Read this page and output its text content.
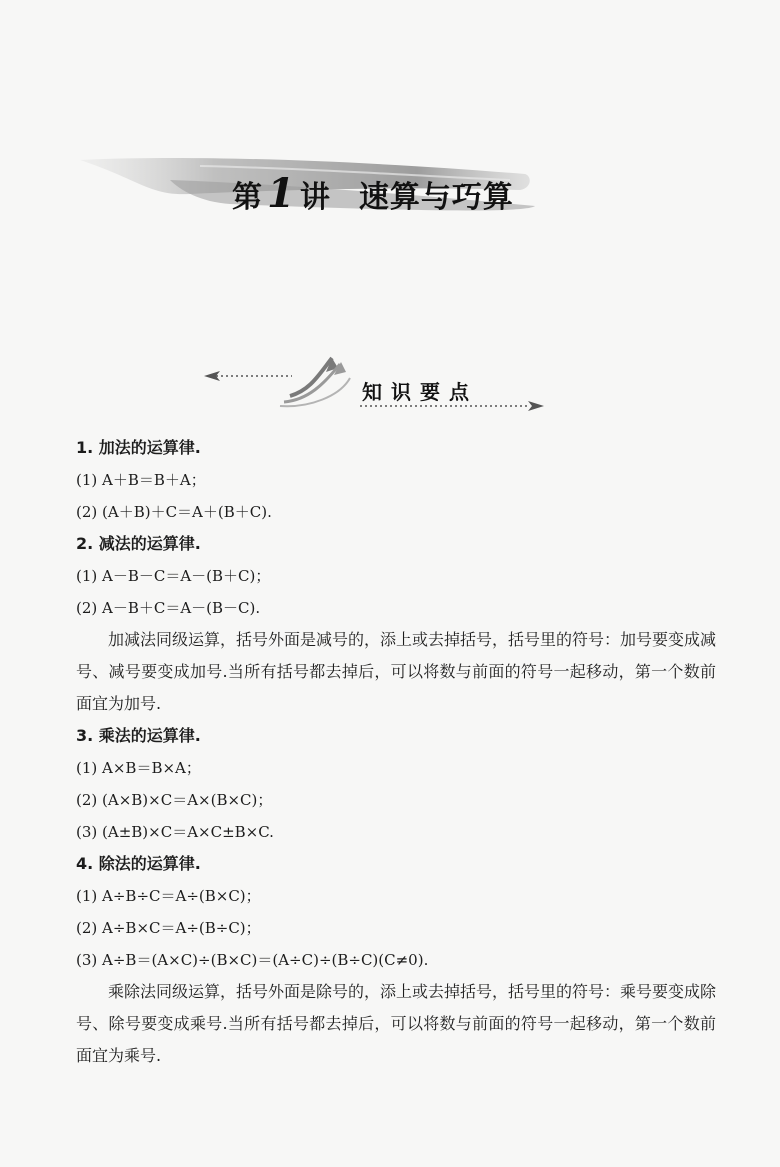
第 1 讲 速算与巧算
知识要点

1. 加法的运算律.

(1) A＋B＝B＋A；

(2) (A＋B)＋C＝A＋(B＋C).

2. 减法的运算律.

(1) A－B－C＝A－(B＋C)；

(2) A－B＋C＝A－(B－C).

加减法同级运算，括号外面是减号的，添上或去掉括号，括号里的符号：加号要变成减号、减号要变成加号.当所有括号都去掉后，可以将数与前面的符号一起移动，第一个数前面宜为加号.

3. 乘法的运算律.

(1) A×B＝B×A；

(2) (A×B)×C＝A×(B×C)；

(3) (A±B)×C＝A×C±B×C.

4. 除法的运算律.

(1) A÷B÷C＝A÷(B×C)；

(2) A÷B×C＝A÷(B÷C)；

(3) A÷B＝(A×C)÷(B×C)＝(A÷C)÷(B÷C)(C≠0).

乘除法同级运算，括号外面是除号的，添上或去掉括号，括号里的符号：乘号要变成除号、除号要变成乘号.当所有括号都去掉后，可以将数与前面的符号一起移动，第一个数前面宜为乘号.
